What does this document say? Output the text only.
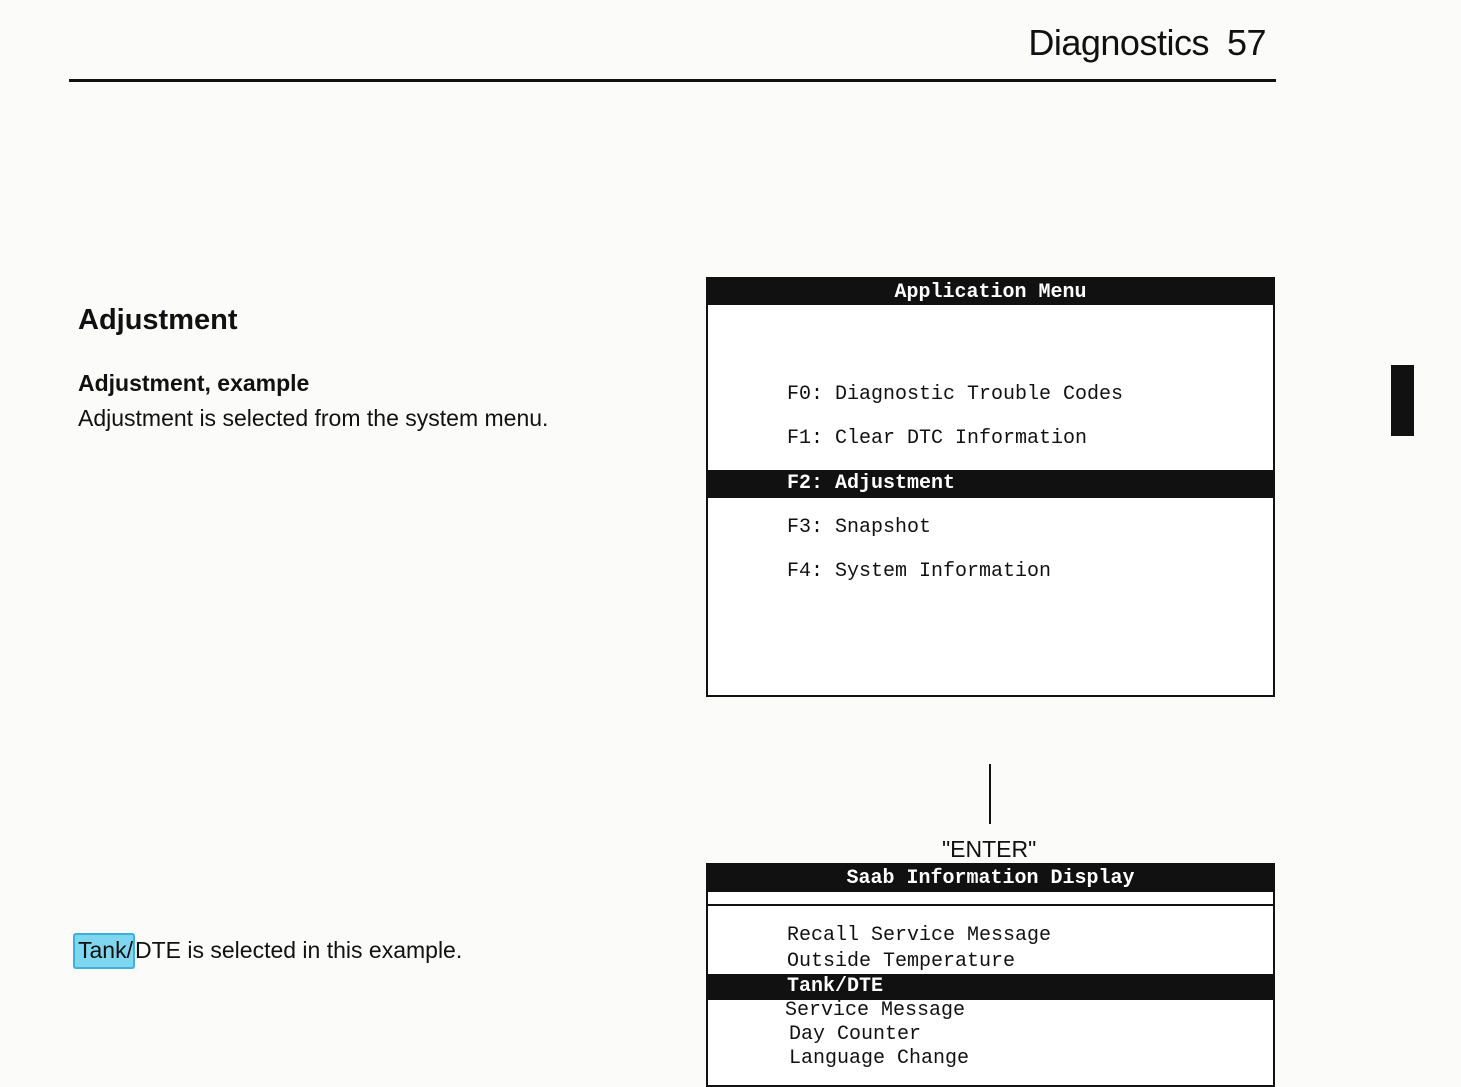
Diagnostics 57
Adjustment
Adjustment, example
Adjustment is selected from the system menu.
Tank/DTE is selected in this example.
Application Menu
F0: Diagnostic Trouble Codes
F1: Clear DTC Information
F2: Adjustment
F3: Snapshot
F4: System Information
"ENTER"
Saab Information Display
Recall Service Message
Outside Temperature
Tank/DTE
Service Message
Day Counter
Language Change
